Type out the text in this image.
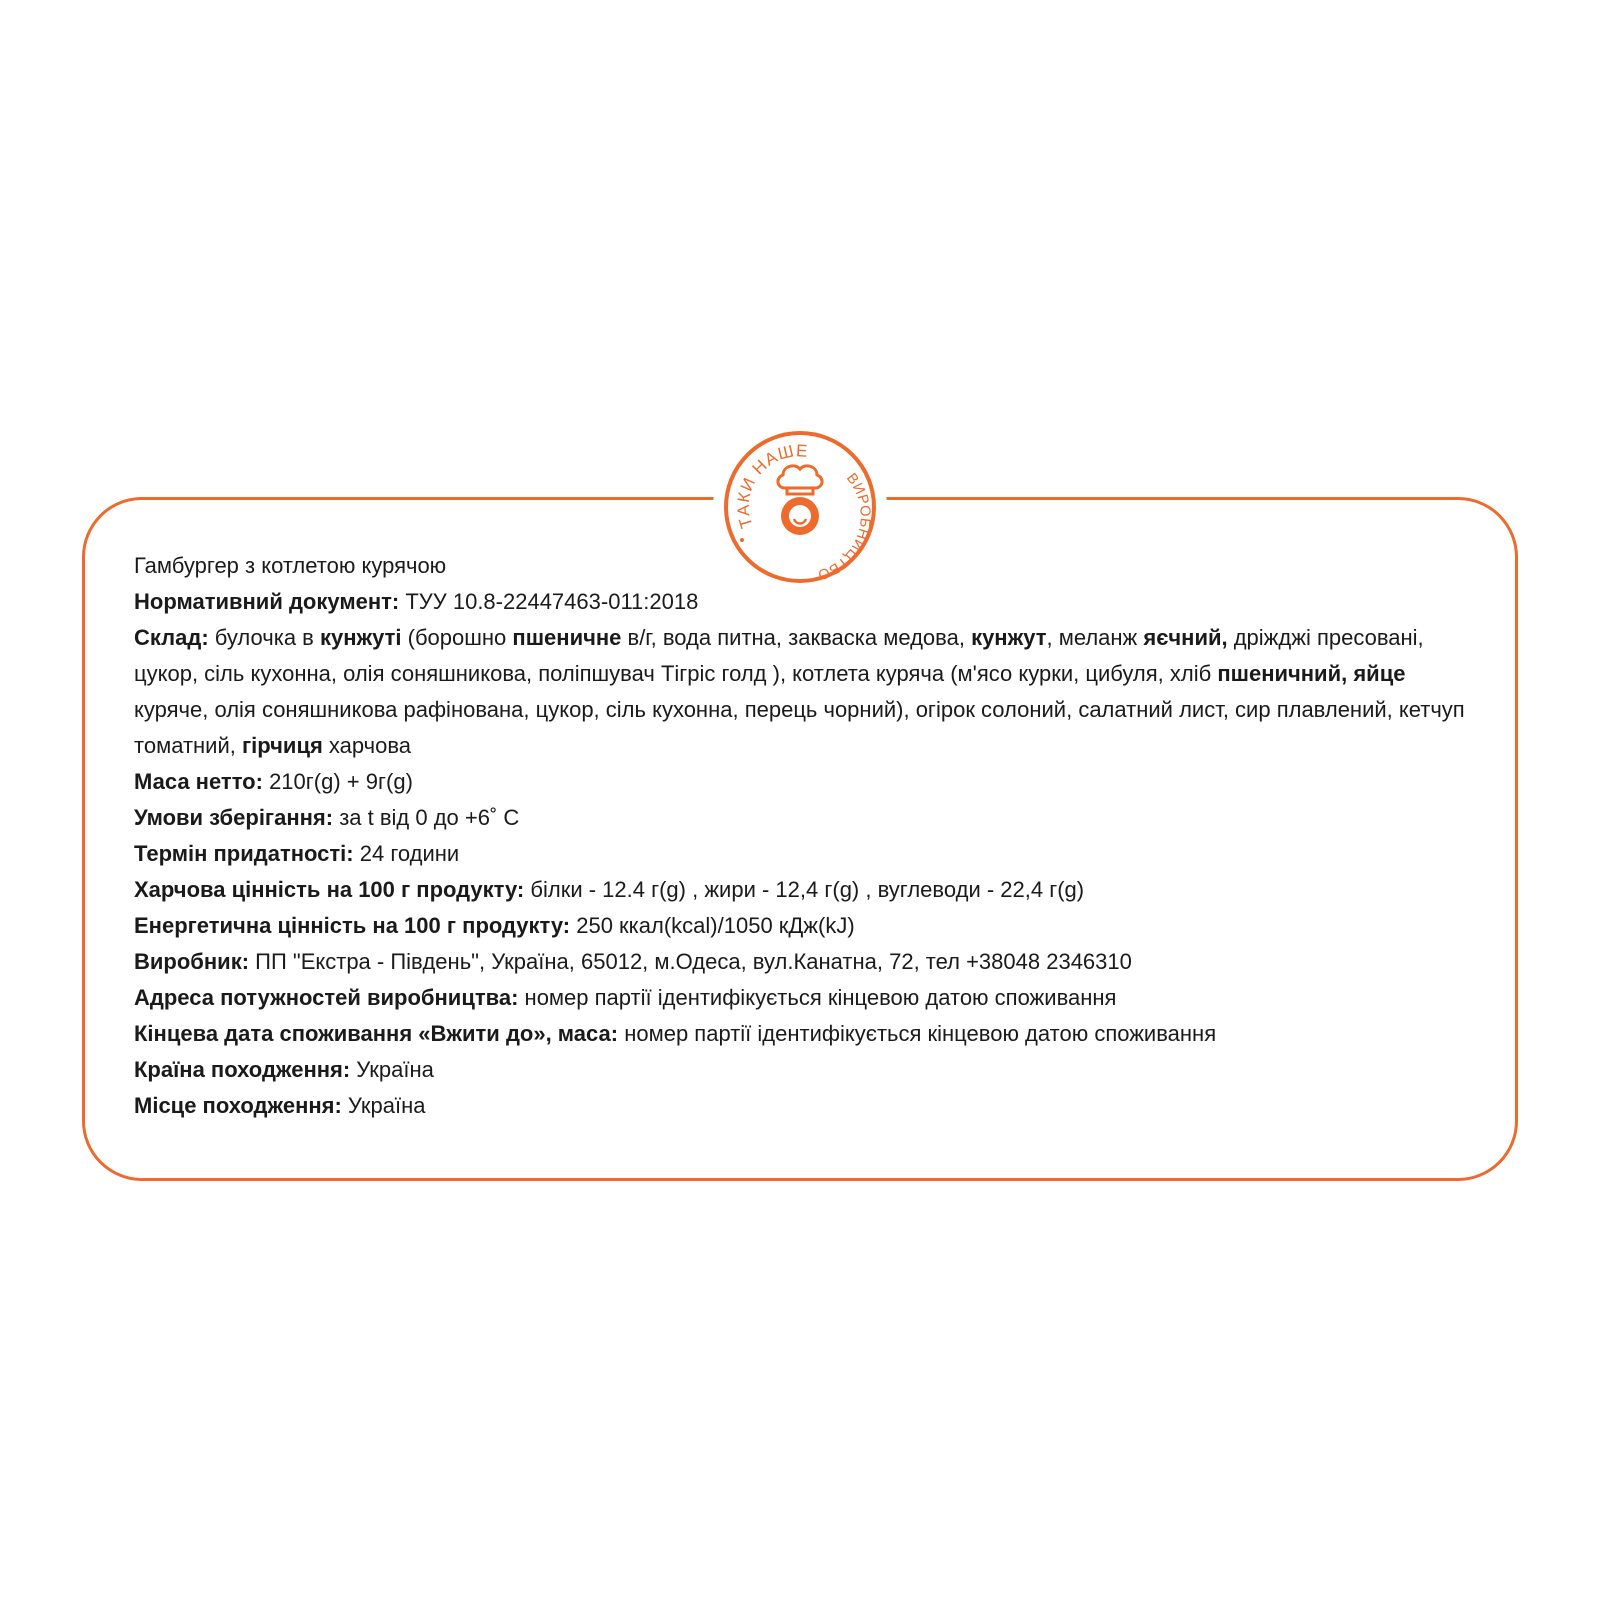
ТАКИ НАШЕ
ВИРОБНИЦТВО
Гамбургер з котлетою курячою
Нормативний документ: ТУУ 10.8-22447463-011:2018
Склад: булочка в кунжуті (борошно пшеничне в/г, вода питна, закваска медова, кунжут, меланж яєчний, дріжджі пресовані, цукор, сіль кухонна, олія соняшникова, поліпшувач Тігріс голд ), котлета куряча (м'ясо курки, цибуля, хліб пшеничний, яйце куряче, олія соняшникова рафінована, цукор, сіль кухонна, перець чорний), огірок солоний, салатний лист, сир плавлений, кетчуп томатний, гірчиця харчова
Маса нетто: 210г(g) + 9г(g)
Умови зберігання: за t від 0 до +6˚ С
Термін придатності: 24 години
Харчова цінність на 100 г продукту: білки - 12.4 г(g) , жири - 12,4 г(g) , вуглеводи - 22,4 г(g)
Енергетична цінність на 100 г продукту: 250 ккал(kcal)/1050 кДж(kJ)
Виробник: ПП "Екстра - Південь", Україна, 65012, м.Одеса, вул.Канатна, 72, тел +38048 2346310
Адреса потужностей виробництва: номер партії ідентифікується кінцевою датою споживання
Кінцева дата споживання «Вжити до», маса: номер партії ідентифікується кінцевою датою споживання
Країна походження: Україна
Місце походження: Україна
